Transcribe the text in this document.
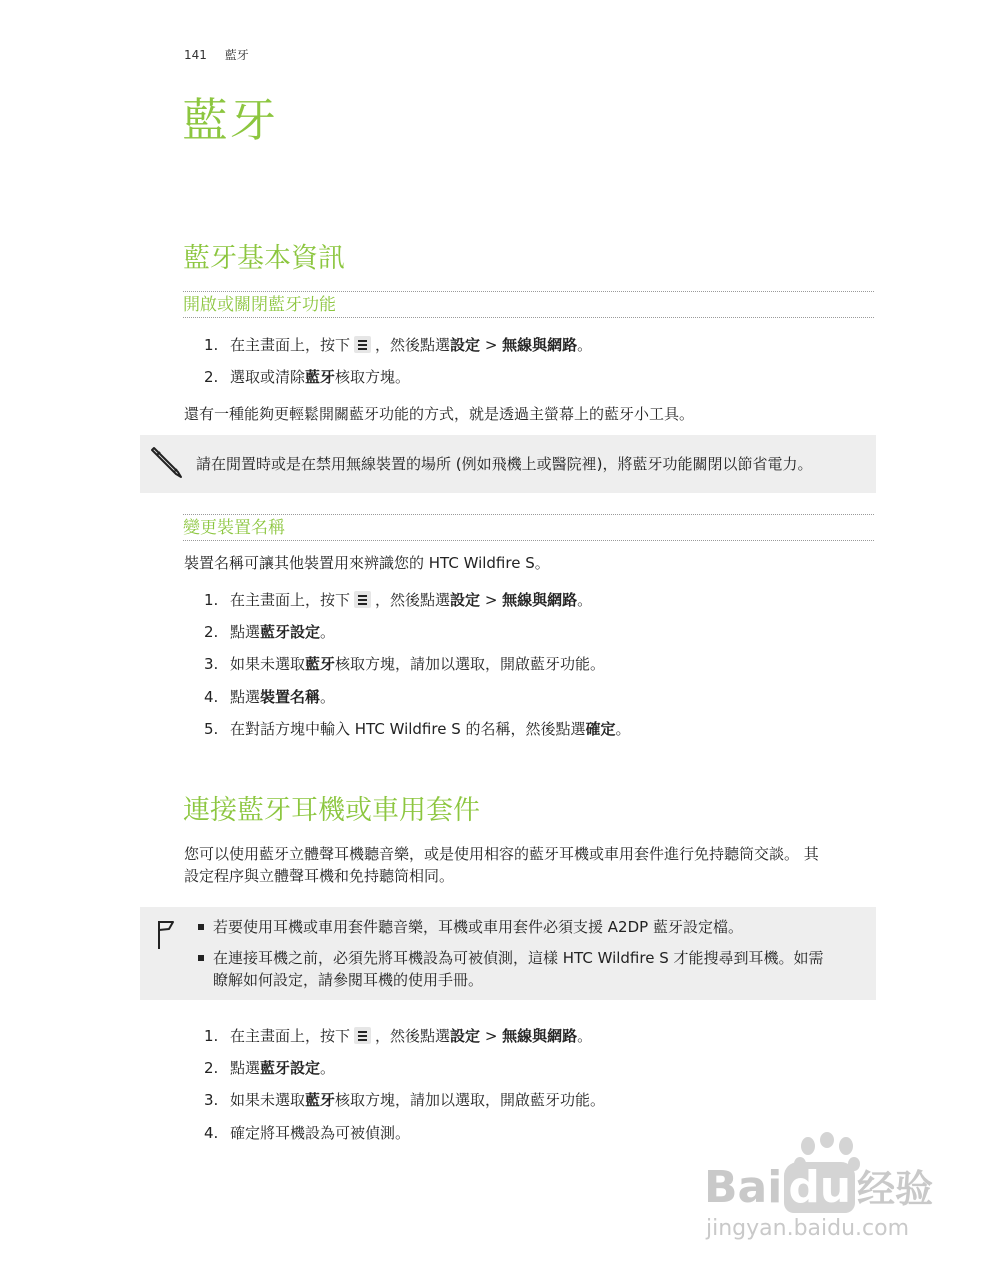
141 藍牙
藍牙
藍牙基本資訊
開啟或關閉藍牙功能
1. 在主畫面上，按下 ，然後點選設定 > 無線與網路。
2. 選取或清除藍牙核取方塊。

還有一種能夠更輕鬆開關藍牙功能的方式，就是透過主螢幕上的藍牙小工具。

請在閒置時或是在禁用無線裝置的場所 (例如飛機上或醫院裡)，將藍牙功能關閉以節省電力。
變更裝置名稱

裝置名稱可讓其他裝置用來辨識您的 HTC Wildfire S。

1. 在主畫面上，按下 ，然後點選設定 > 無線與網路。
2. 點選藍牙設定。
3. 如果未選取藍牙核取方塊，請加以選取，開啟藍牙功能。
4. 點選裝置名稱。
5. 在對話方塊中輸入 HTC Wildfire S 的名稱，然後點選確定。
連接藍牙耳機或車用套件
您可以使用藍牙立體聲耳機聽音樂，或是使用相容的藍牙耳機或車用套件進行免持聽筒交談。 其
設定程序與立體聲耳機和免持聽筒相同。
若要使用耳機或車用套件聽音樂，耳機或車用套件必須支援 A2DP 藍牙設定檔。
在連接耳機之前，必須先將耳機設為可被偵測，這樣 HTC Wildfire S 才能搜尋到耳機。如需
瞭解如何設定，請參閱耳機的使用手冊。
1. 在主畫面上，按下 ，然後點選設定 > 無線與網路。
2. 點選藍牙設定。
3. 如果未選取藍牙核取方塊，請加以選取，開啟藍牙功能。
4. 確定將耳機設為可被偵測。
Bai du 经验
jingyan.baidu.com
